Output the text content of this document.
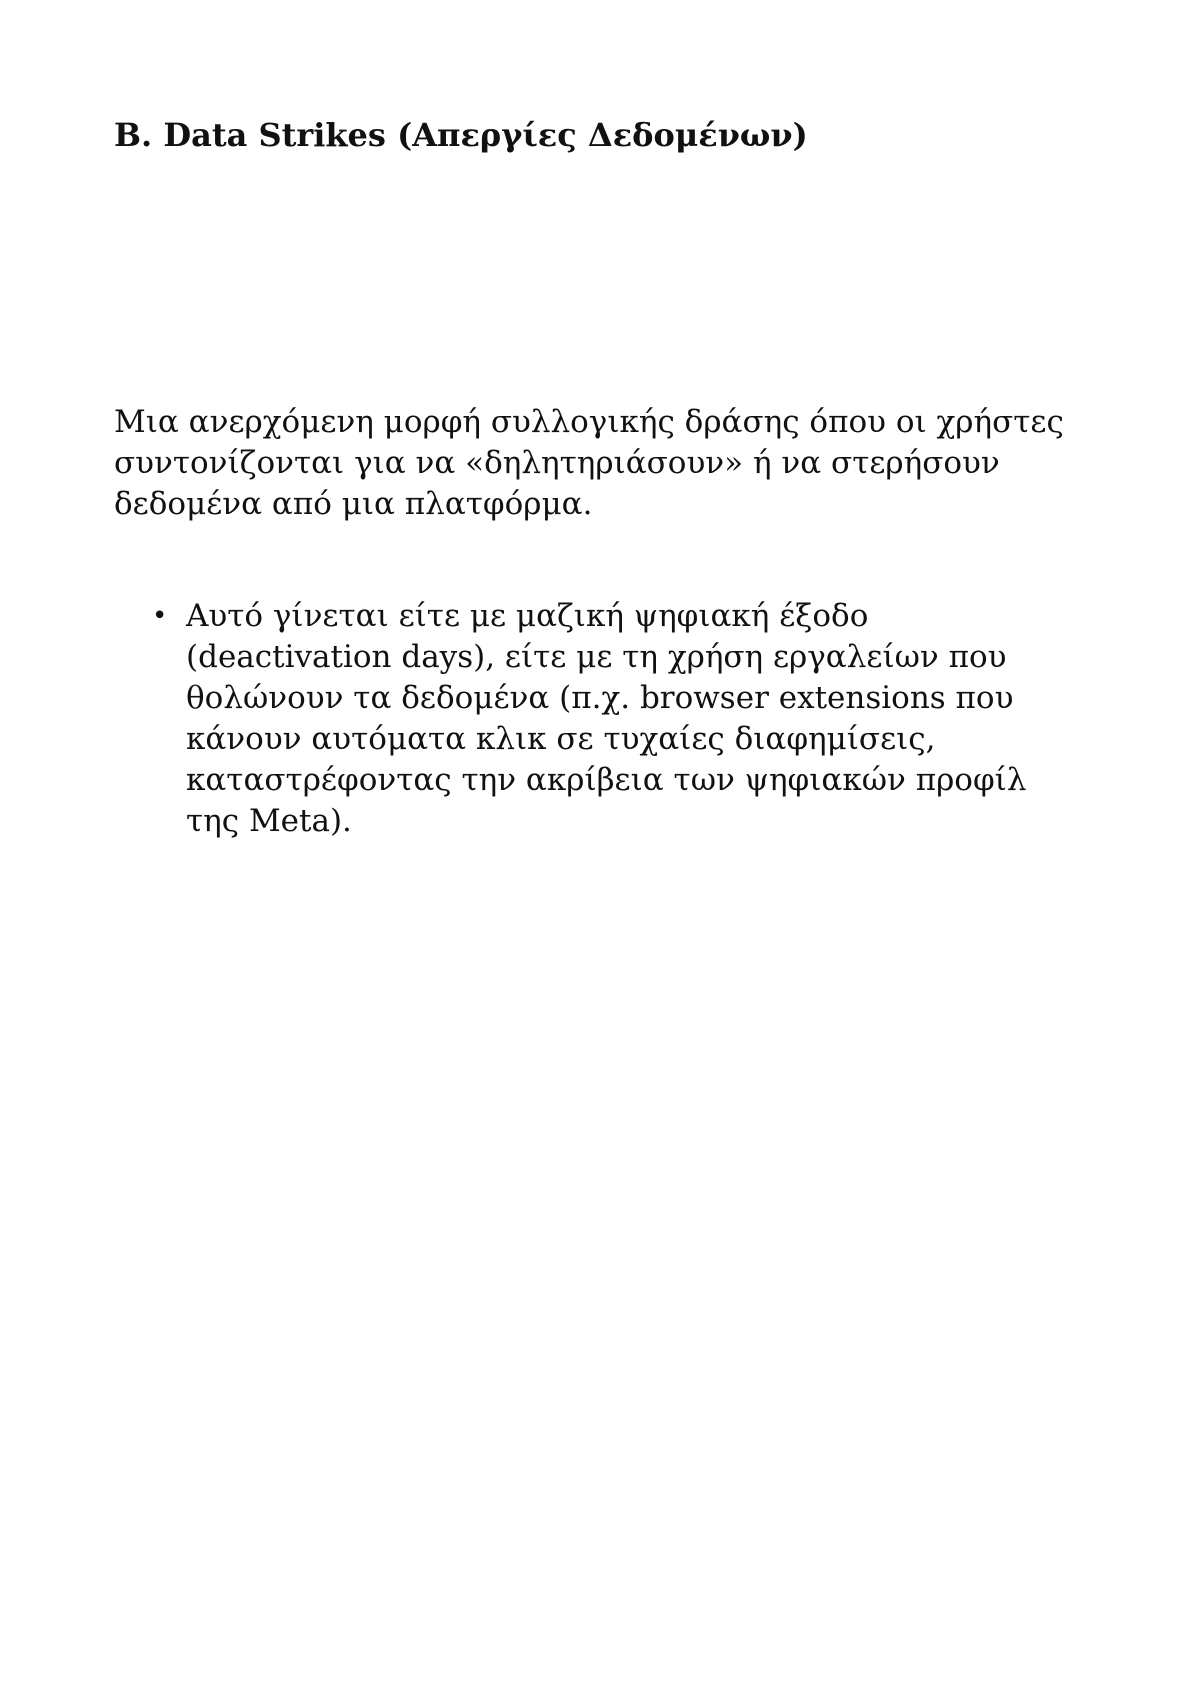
B. Data Strikes (Απεργίες Δεδομένων)

Μια ανερχόμενη μορφή συλλογικής δράσης όπου οι χρήστες συντονίζονται για να «δηλητηριάσουν» ή να στερήσουν δεδομένα από μια πλατφόρμα.

• Αυτό γίνεται είτε με μαζική ψηφιακή έξοδο (deactivation days), είτε με τη χρήση εργαλείων που θολώνουν τα δεδομένα (π.χ. browser extensions που κάνουν αυτόματα κλικ σε τυχαίες διαφημίσεις, καταστρέφοντας την ακρίβεια των ψηφιακών προφίλ της Meta).
